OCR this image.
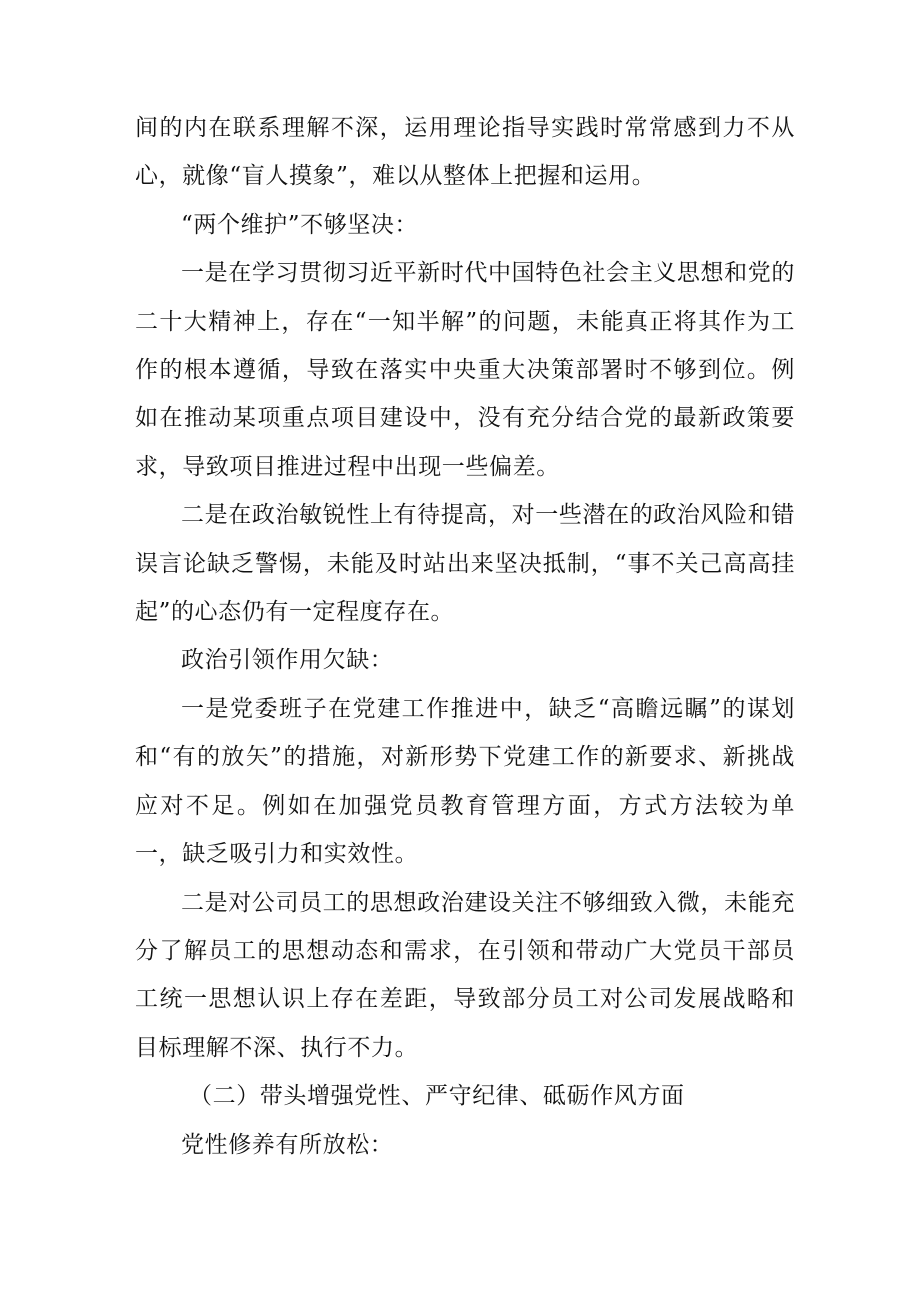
间的内在联系理解不深，运用理论指导实践时常常感到力不从心，就像“盲人摸象”，难以从整体上把握和运用。

“两个维护”不够坚决：

一是在学习贯彻习近平新时代中国特色社会主义思想和党的二十大精神上，存在“一知半解”的问题，未能真正将其作为工作的根本遵循，导致在落实中央重大决策部署时不够到位。例如在推动某项重点项目建设中，没有充分结合党的最新政策要求，导致项目推进过程中出现一些偏差。

二是在政治敏锐性上有待提高，对一些潜在的政治风险和错误言论缺乏警惕，未能及时站出来坚决抵制，“事不关己高高挂起”的心态仍有一定程度存在。

政治引领作用欠缺：

一是党委班子在党建工作推进中，缺乏“高瞻远瞩”的谋划和“有的放矢”的措施，对新形势下党建工作的新要求、新挑战应对不足。例如在加强党员教育管理方面，方式方法较为单一，缺乏吸引力和实效性。

二是对公司员工的思想政治建设关注不够细致入微，未能充分了解员工的思想动态和需求，在引领和带动广大党员干部员工统一思想认识上存在差距，导致部分员工对公司发展战略和目标理解不深、执行不力。

（二）带头增强党性、严守纪律、砥砺作风方面

党性修养有所放松：
